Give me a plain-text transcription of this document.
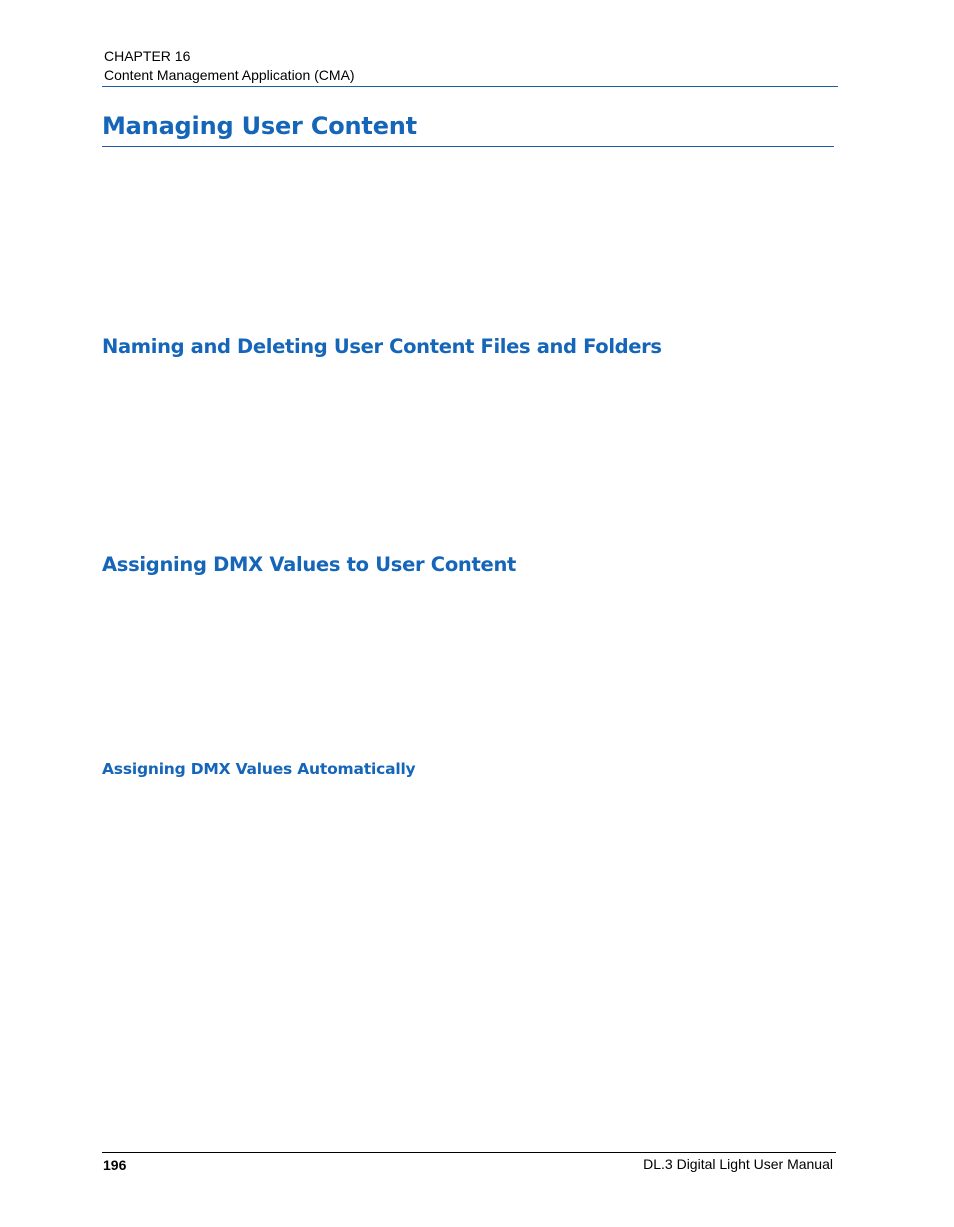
CHAPTER 16
Content Management Application (CMA)
Managing User Content
Naming and Deleting User Content Files and Folders
Assigning DMX Values to User Content
Assigning DMX Values Automatically
196	DL.3 Digital Light User Manual
